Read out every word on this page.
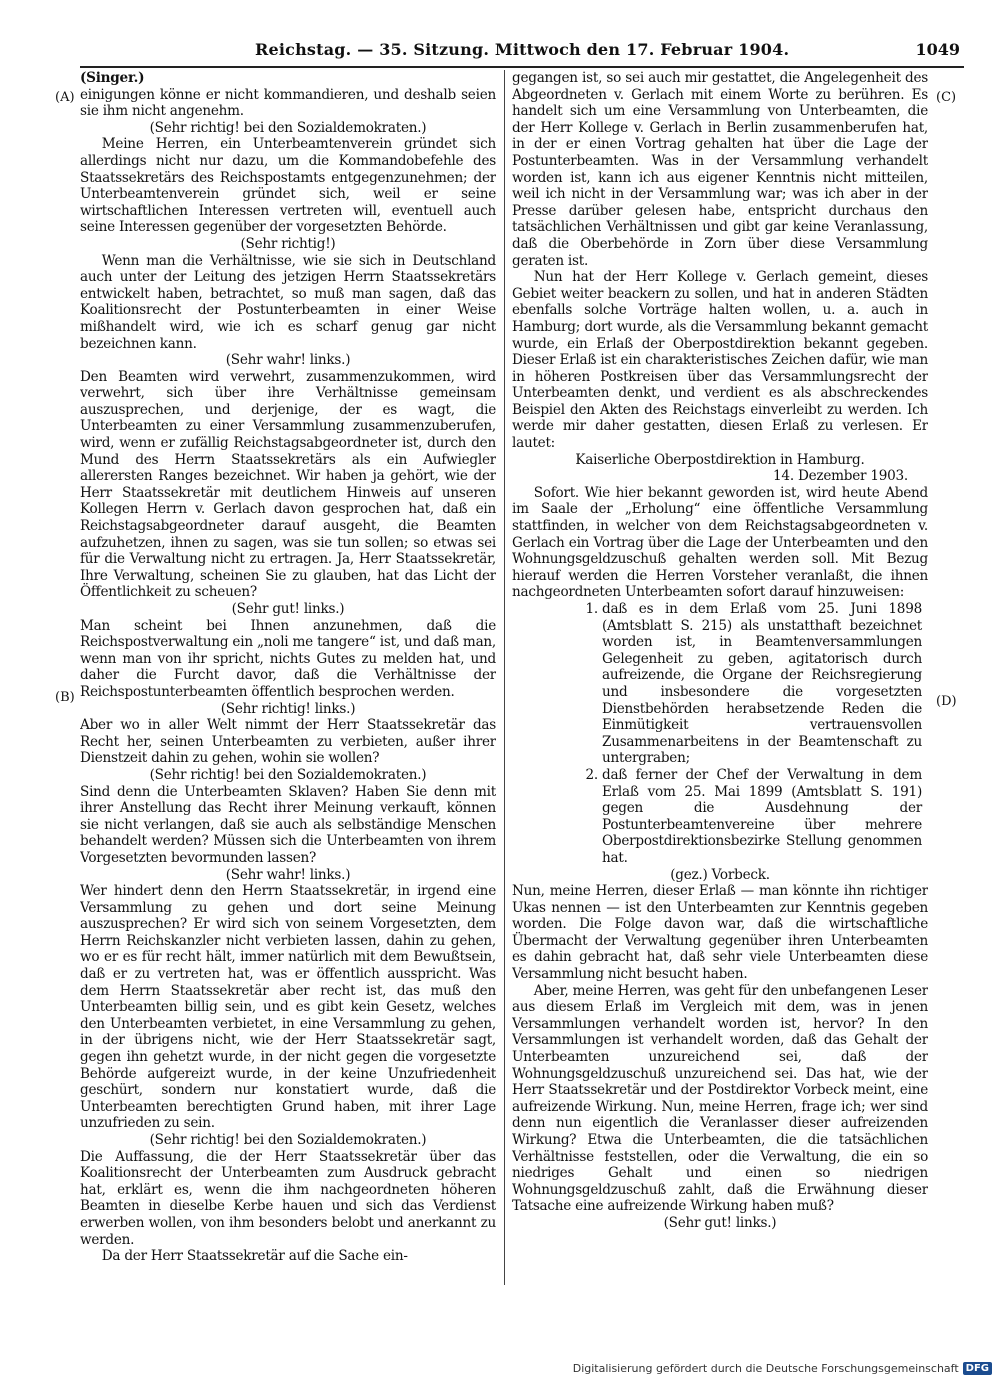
Reichstag. — 35. Sitzung. Mittwoch den 17. Februar 1904.	1049
(A)
(B)
(C)
(D)

(Singer.)

einigungen könne er nicht kommandieren, und deshalb seien sie ihm nicht angenehm.

(Sehr richtig! bei den Sozialdemokraten.)

Meine Herren, ein Unterbeamtenverein gründet sich allerdings nicht nur dazu, um die Kommandobefehle des Staatssekretärs des Reichspostamts entgegenzunehmen; der Unterbeamtenverein gründet sich, weil er seine wirtschaftlichen Interessen vertreten will, eventuell auch seine Interessen gegenüber der vorgesetzten Behörde.

(Sehr richtig!)

Wenn man die Verhältnisse, wie sie sich in Deutschland auch unter der Leitung des jetzigen Herrn Staatssekretärs entwickelt haben, betrachtet, so muß man sagen, daß das Koalitionsrecht der Postunterbeamten in einer Weise mißhandelt wird, wie ich es scharf genug gar nicht bezeichnen kann.

(Sehr wahr! links.)

Den Beamten wird verwehrt, zusammenzukommen, wird verwehrt, sich über ihre Verhältnisse gemeinsam auszusprechen, und derjenige, der es wagt, die Unterbeamten zu einer Versammlung zusammenzuberufen, wird, wenn er zufällig Reichstagsabgeordneter ist, durch den Mund des Herrn Staatssekretärs als ein Aufwiegler allerersten Ranges bezeichnet. Wir haben ja gehört, wie der Herr Staatssekretär mit deutlichem Hinweis auf unseren Kollegen Herrn v. Gerlach davon gesprochen hat, daß ein Reichstagsabgeordneter darauf ausgeht, die Beamten aufzuhetzen, ihnen zu sagen, was sie tun sollen; so etwas sei für die Verwaltung nicht zu ertragen. Ja, Herr Staatssekretär, Ihre Verwaltung, scheinen Sie zu glauben, hat das Licht der Öffentlichkeit zu scheuen?

(Sehr gut! links.)

Man scheint bei Ihnen anzunehmen, daß die Reichspostverwaltung ein „noli me tangere“ ist, und daß man, wenn man von ihr spricht, nichts Gutes zu melden hat, und daher die Furcht davor, daß die Verhältnisse der Reichspostunterbeamten öffentlich besprochen werden.

(Sehr richtig! links.)

Aber wo in aller Welt nimmt der Herr Staatssekretär das Recht her, seinen Unterbeamten zu verbieten, außer ihrer Dienstzeit dahin zu gehen, wohin sie wollen?

(Sehr richtig! bei den Sozialdemokraten.)

Sind denn die Unterbeamten Sklaven? Haben Sie denn mit ihrer Anstellung das Recht ihrer Meinung verkauft, können sie nicht verlangen, daß sie auch als selbständige Menschen behandelt werden? Müssen sich die Unterbeamten von ihrem Vorgesetzten bevormunden lassen?

(Sehr wahr! links.)

Wer hindert denn den Herrn Staatssekretär, in irgend eine Versammlung zu gehen und dort seine Meinung auszusprechen? Er wird sich von seinem Vorgesetzten, dem Herrn Reichskanzler nicht verbieten lassen, dahin zu gehen, wo er es für recht hält, immer natürlich mit dem Bewußtsein, daß er zu vertreten hat, was er öffentlich ausspricht. Was dem Herrn Staatssekretär aber recht ist, das muß den Unterbeamten billig sein, und es gibt kein Gesetz, welches den Unterbeamten verbietet, in eine Versammlung zu gehen, in der übrigens nicht, wie der Herr Staatssekretär sagt, gegen ihn gehetzt wurde, in der nicht gegen die vorgesetzte Behörde aufgereizt wurde, in der keine Unzufriedenheit geschürt, sondern nur konstatiert wurde, daß die Unterbeamten berechtigten Grund haben, mit ihrer Lage unzufrieden zu sein.

(Sehr richtig! bei den Sozialdemokraten.)

Die Auffassung, die der Herr Staatssekretär über das Koalitionsrecht der Unterbeamten zum Ausdruck gebracht hat, erklärt es, wenn die ihm nachgeordneten höheren Beamten in dieselbe Kerbe hauen und sich das Verdienst erwerben wollen, von ihm besonders belobt und anerkannt zu werden.

Da der Herr Staatssekretär auf die Sache ein-

gegangen ist, so sei auch mir gestattet, die Angelegenheit des Abgeordneten v. Gerlach mit einem Worte zu berühren. Es handelt sich um eine Versammlung von Unterbeamten, die der Herr Kollege v. Gerlach in Berlin zusammenberufen hat, in der er einen Vortrag gehalten hat über die Lage der Postunterbeamten. Was in der Versammlung verhandelt worden ist, kann ich aus eigener Kenntnis nicht mitteilen, weil ich nicht in der Versammlung war; was ich aber in der Presse darüber gelesen habe, entspricht durchaus den tatsächlichen Verhältnissen und gibt gar keine Veranlassung, daß die Oberbehörde in Zorn über diese Versammlung geraten ist.

Nun hat der Herr Kollege v. Gerlach gemeint, dieses Gebiet weiter beackern zu sollen, und hat in anderen Städten ebenfalls solche Vorträge halten wollen, u. a. auch in Hamburg; dort wurde, als die Versammlung bekannt gemacht wurde, ein Erlaß der Oberpostdirektion bekannt gegeben. Dieser Erlaß ist ein charakteristisches Zeichen dafür, wie man in höheren Postkreisen über das Versammlungsrecht der Unterbeamten denkt, und verdient es als abschreckendes Beispiel den Akten des Reichstags einverleibt zu werden. Ich werde mir daher gestatten, diesen Erlaß zu verlesen. Er lautet:

Kaiserliche Oberpostdirektion in Hamburg.

14. Dezember 1903.

Sofort. Wie hier bekannt geworden ist, wird heute Abend im Saale der „Erholung“ eine öffentliche Versammlung stattfinden, in welcher von dem Reichstagsabgeordneten v. Gerlach ein Vortrag über die Lage der Unterbeamten und den Wohnungsgeldzuschuß gehalten werden soll. Mit Bezug hierauf werden die Herren Vorsteher veranlaßt, die ihnen nachgeordneten Unterbeamten sofort darauf hinzuweisen:

1. daß es in dem Erlaß vom 25. Juni 1898 (Amtsblatt S. 215) als unstatthaft bezeichnet worden ist, in Beamtenversammlungen Gelegenheit zu geben, agitatorisch durch aufreizende, die Organe der Reichsregierung und insbesondere die vorgesetzten Dienstbehörden herabsetzende Reden die Einmütigkeit vertrauensvollen Zusammenarbeitens in der Beamtenschaft zu untergraben;
2. daß ferner der Chef der Verwaltung in dem Erlaß vom 25. Mai 1899 (Amtsblatt S. 191) gegen die Ausdehnung der Postunterbeamtenvereine über mehrere Oberpostdirektionsbezirke Stellung genommen hat.

(gez.) Vorbeck.

Nun, meine Herren, dieser Erlaß — man könnte ihn richtiger Ukas nennen — ist den Unterbeamten zur Kenntnis gegeben worden. Die Folge davon war, daß die wirtschaftliche Übermacht der Verwaltung gegenüber ihren Unterbeamten es dahin gebracht hat, daß sehr viele Unterbeamten diese Versammlung nicht besucht haben.

Aber, meine Herren, was geht für den unbefangenen Leser aus diesem Erlaß im Vergleich mit dem, was in jenen Versammlungen verhandelt worden ist, hervor? In den Versammlungen ist verhandelt worden, daß das Gehalt der Unterbeamten unzureichend sei, daß der Wohnungsgeldzuschuß unzureichend sei. Das hat, wie der Herr Staatssekretär und der Postdirektor Vorbeck meint, eine aufreizende Wirkung. Nun, meine Herren, frage ich; wer sind denn nun eigentlich die Veranlasser dieser aufreizenden Wirkung? Etwa die Unterbeamten, die die tatsächlichen Verhältnisse feststellen, oder die Verwaltung, die ein so niedriges Gehalt und einen so niedrigen Wohnungsgeldzuschuß zahlt, daß die Erwähnung dieser Tatsache eine aufreizende Wirkung haben muß?

(Sehr gut! links.)

Digitalisierung gefördert durch die Deutsche Forschungsgemeinschaft DFG
